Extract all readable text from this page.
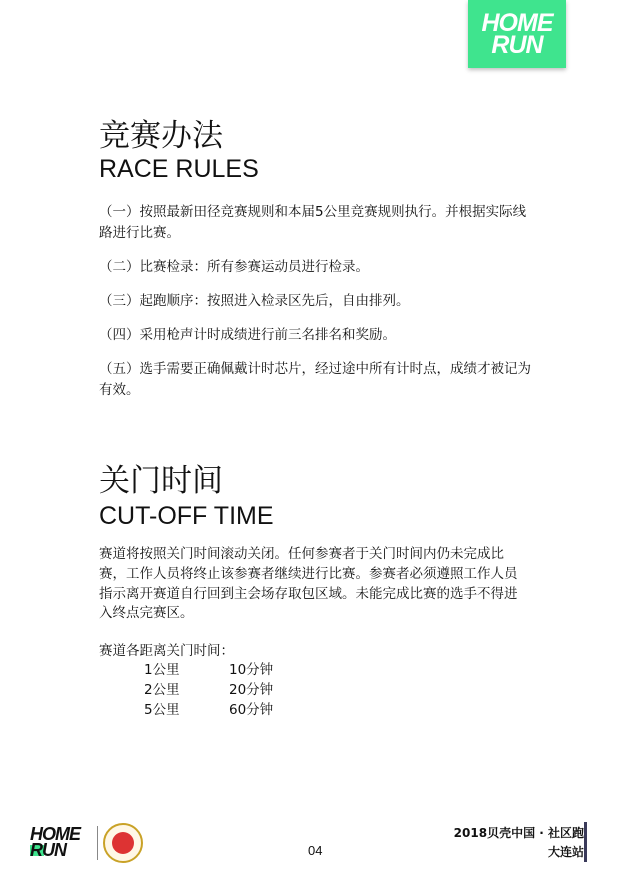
HOME
RUN
竞赛办法
RACE RULES
（一）按照最新田径竞赛规则和本届5公里竞赛规则执行。并根据实际线路进行比赛。
（二）比赛检录：所有参赛运动员进行检录。
（三）起跑顺序：按照进入检录区先后，自由排列。
（四）采用枪声计时成绩进行前三名排名和奖励。
（五）选手需要正确佩戴计时芯片，经过途中所有计时点，成绩才被记为有效。
关门时间
CUT-OFF TIME
赛道将按照关门时间滚动关闭。任何参赛者于关门时间内仍未完成比赛，工作人员将终止该参赛者继续进行比赛。参赛者必须遵照工作人员指示离开赛道自行回到主会场存取包区域。未能完成比赛的选手不得进入终点完赛区。
赛道各距离关门时间：
1公里	10分钟
2公里	20分钟
5公里	60分钟
HOME
RUN	04
2018贝壳中国 · 社区跑
大连站
